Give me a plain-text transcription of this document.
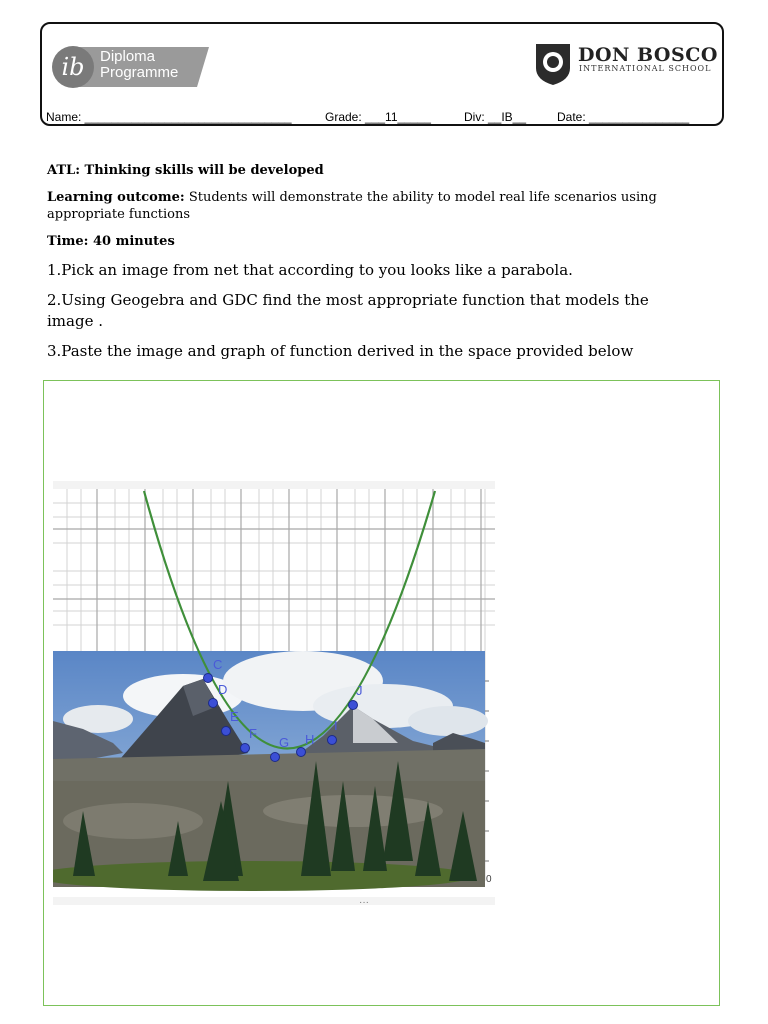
ib Diploma
Programme
DON BOSCO
INTERNATIONAL SCHOOL
Name: _______________________________	Grade: ___11_____	Div: __IB__	Date: _______________
ATL: Thinking skills will be developed
Learning outcome: Students will demonstrate the ability to model real life scenarios using appropriate functions
Time: 40 minutes
1.Pick an image from net that according to you looks like a parabola.
2.Using Geogebra and GDC find the most appropriate function that models the image .
3.Paste the image and graph of function derived in the space provided below
0
···
C
D
E
F
G H
I
J
